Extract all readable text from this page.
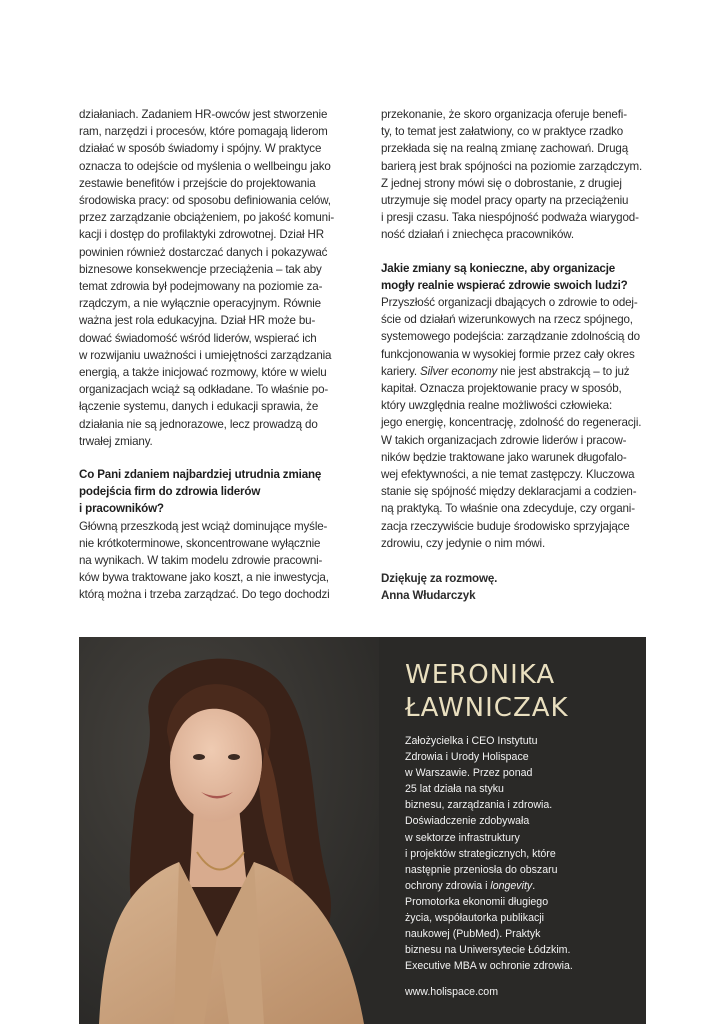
działaniach. Zadaniem HR-owców jest stworzenie
ram, narzędzi i procesów, które pomagają liderom
działać w sposób świadomy i spójny. W praktyce
oznacza to odejście od myślenia o wellbeingu jako
zestawie benefitów i przejście do projektowania
środowiska pracy: od sposobu definiowania celów,
przez zarządzanie obciążeniem, po jakość komuni-
kacji i dostęp do profilaktyki zdrowotnej. Dział HR
powinien również dostarczać danych i pokazywać
biznesowe konsekwencje przeciążenia – tak aby
temat zdrowia był podejmowany na poziomie za-
rządczym, a nie wyłącznie operacyjnym. Równie
ważna jest rola edukacyjna. Dział HR może bu-
dować świadomość wśród liderów, wspierać ich
w rozwijaniu uważności i umiejętności zarządzania
energią, a także inicjować rozmowy, które w wielu
organizacjach wciąż są odkładane. To właśnie po-
łączenie systemu, danych i edukacji sprawia, że
działania nie są jednorazowe, lecz prowadzą do
trwałej zmiany.

Co Pani zdaniem najbardziej utrudnia zmianę
podejścia firm do zdrowia liderów
i pracowników?

Główną przeszkodą jest wciąż dominujące myśle-
nie krótkoterminowe, skoncentrowane wyłącznie
na wynikach. W takim modelu zdrowie pracowni-
ków bywa traktowane jako koszt, a nie inwestycja,
którą można i trzeba zarządzać. Do tego dochodzi

przekonanie, że skoro organizacja oferuje benefi-
ty, to temat jest załatwiony, co w praktyce rzadko
przekłada się na realną zmianę zachowań. Drugą
barierą jest brak spójności na poziomie zarządczym.
Z jednej strony mówi się o dobrostanie, z drugiej
utrzymuje się model pracy oparty na przeciążeniu
i presji czasu. Taka niespójność podważa wiarygod-
ność działań i zniechęca pracowników.

Jakie zmiany są konieczne, aby organizacje
mogły realnie wspierać zdrowie swoich ludzi?

Przyszłość organizacji dbających o zdrowie to odej-
ście od działań wizerunkowych na rzecz spójnego,
systemowego podejścia: zarządzanie zdolnością do
funkcjonowania w wysokiej formie przez cały okres
kariery. Silver economy nie jest abstrakcją – to już
kapitał. Oznacza projektowanie pracy w sposób,
który uwzględnia realne możliwości człowieka:
jego energię, koncentrację, zdolność do regeneracji.
W takich organizacjach zdrowie liderów i pracow-
ników będzie traktowane jako warunek długofalo-
wej efektywności, a nie temat zastępczy. Kluczowa
stanie się spójność między deklaracjami a codzien-
ną praktyką. To właśnie ona zdecyduje, czy organi-
zacja rzeczywiście buduje środowisko sprzyjające
zdrowiu, czy jedynie o nim mówi.

Dziękuję za rozmowę.

Anna Włudarczyk

WERONIKA
ŁAWNICZAK
Założycielka i CEO Instytutu
Zdrowia i Urody Holispace
w Warszawie. Przez ponad
25 lat działa na styku
biznesu, zarządzania i zdrowia.
Doświadczenie zdobywała
w sektorze infrastruktury
i projektów strategicznych, które
następnie przeniosła do obszaru
ochrony zdrowia i longevity.
Promotorka ekonomii długiego
życia, współautorka publikacji
naukowej (PubMed). Praktyk
biznesu na Uniwersytecie Łódzkim.
Executive MBA w ochronie zdrowia.
www.holispace.com
